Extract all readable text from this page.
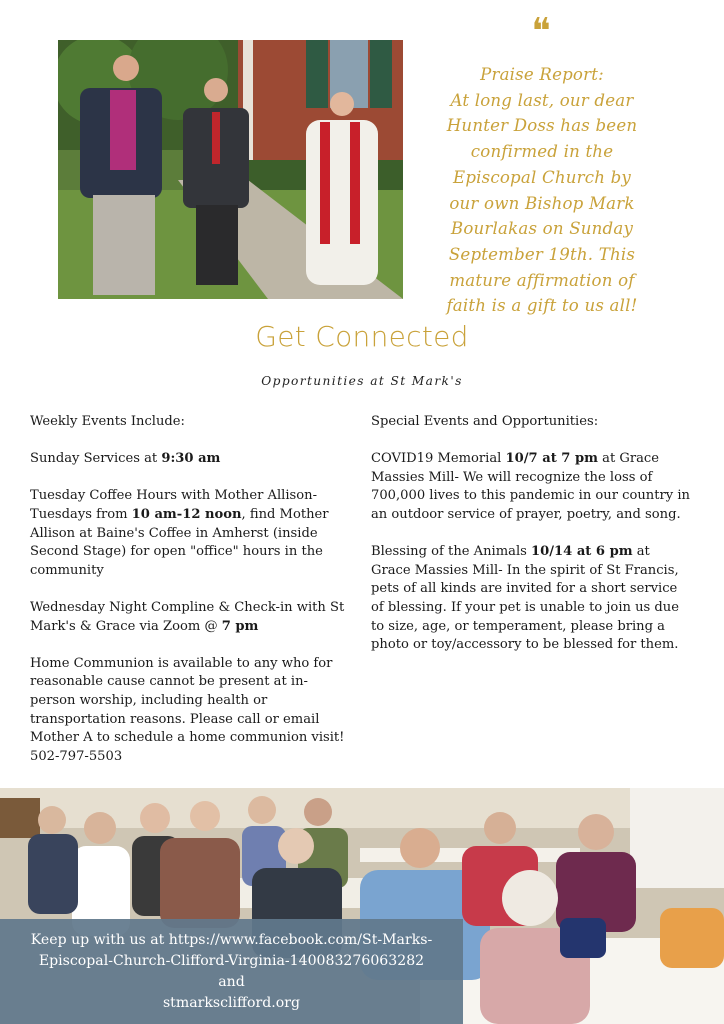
❝
Praise Report:
At long last, our dear
Hunter Doss has been
confirmed in the
Episcopal Church by
our own Bishop Mark
Bourlakas on Sunday
September 19th. This
mature affirmation of
faith is a gift to us all!
Get Connected
Opportunities at St Mark's

Weekly Events Include:

Sunday Services at 9:30 am

Tuesday Coffee Hours with Mother Allison- Tuesdays from 10 am-12 noon, find Mother Allison at Baine's Coffee in Amherst (inside Second Stage) for open "office" hours in the community

Wednesday Night Compline & Check-in with St Mark's & Grace via Zoom @ 7 pm

Home Communion is available to any who for reasonable cause cannot be present at in-person worship, including health or transportation reasons. Please call or email Mother A to schedule a home communion visit! 502-797-5503

Special Events and Opportunities:

COVID19 Memorial 10/7 at 7 pm at Grace Massies Mill- We will recognize the loss of 700,000 lives to this pandemic in our country in an outdoor service of prayer, poetry, and song.

Blessing of the Animals 10/14 at 6 pm at Grace Massies Mill- In the spirit of St Francis, pets of all kinds are invited for a short service of blessing. If your pet is unable to join us due to size, age, or temperament, please bring a photo or toy/accessory to be blessed for them.

Keep up with us at https://www.facebook.com/St-Marks-
Episcopal-Church-Clifford-Virginia-140083276063282
and
stmarksclifford.org
